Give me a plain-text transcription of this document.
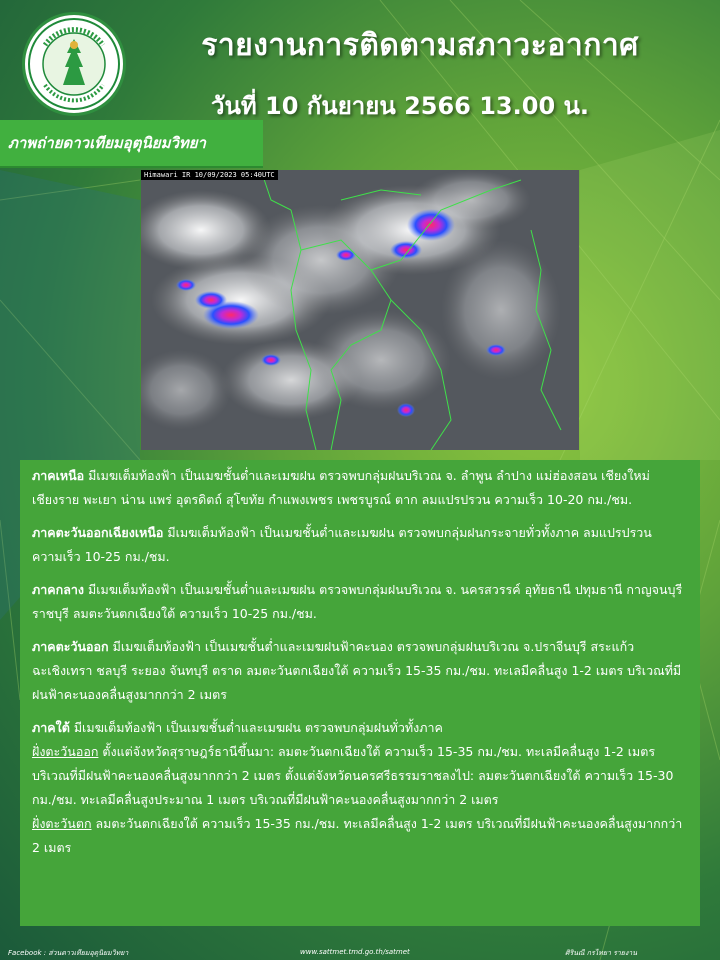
รายงานการติดตามสภาวะอากาศ
วันที่ 10 กันยายน 2566 13.00 น.
ภาพถ่ายดาวเทียมอุตุนิยมวิทยา
Himawari IR 10/09/2023 05:40UTC

ภาคเหนือ มีเมฆเต็มท้องฟ้า เป็นเมฆชั้นต่ำและเมฆฝน ตรวจพบกลุ่มฝนบริเวณ จ. ลำพูน ลำปาง แม่ฮ่องสอน เชียงใหม่ เชียงราย พะเยา น่าน แพร่ อุตรดิตถ์ สุโขทัย กำแพงเพชร เพชรบูรณ์ ตาก ลมแปรปรวน ความเร็ว 10-20 กม./ชม.

ภาคตะวันออกเฉียงเหนือ มีเมฆเต็มท้องฟ้า เป็นเมฆชั้นต่ำและเมฆฝน ตรวจพบกลุ่มฝนกระจายทั่วทั้งภาค ลมแปรปรวน ความเร็ว 10-25 กม./ชม.

ภาคกลาง มีเมฆเต็มท้องฟ้า เป็นเมฆชั้นต่ำและเมฆฝน ตรวจพบกลุ่มฝนบริเวณ จ. นครสวรรค์ อุทัยธานี ปทุมธานี กาญจนบุรี ราชบุรี ลมตะวันตกเฉียงใต้ ความเร็ว 10-25 กม./ชม.

ภาคตะวันออก มีเมฆเต็มท้องฟ้า เป็นเมฆชั้นต่ำและเมฆฝนฟ้าคะนอง ตรวจพบกลุ่มฝนบริเวณ จ.ปราจีนบุรี สระแก้ว ฉะเชิงเทรา ชลบุรี ระยอง จันทบุรี ตราด ลมตะวันตกเฉียงใต้ ความเร็ว 15-35 กม./ชม. ทะเลมีคลื่นสูง 1-2 เมตร บริเวณที่มีฝนฟ้าคะนองคลื่นสูงมากกว่า 2 เมตร

ภาคใต้ มีเมฆเต็มท้องฟ้า เป็นเมฆชั้นต่ำและเมฆฝน ตรวจพบกลุ่มฝนทั่วทั้งภาค
ฝั่งตะวันออก ตั้งแต่จังหวัดสุราษฎร์ธานีขึ้นมา: ลมตะวันตกเฉียงใต้ ความเร็ว 15-35 กม./ชม. ทะเลมีคลื่นสูง 1-2 เมตร บริเวณที่มีฝนฟ้าคะนองคลื่นสูงมากกว่า 2 เมตร ตั้งแต่จังหวัดนครศรีธรรมราชลงไป: ลมตะวันตกเฉียงใต้ ความเร็ว 15-30 กม./ชม. ทะเลมีคลื่นสูงประมาณ 1 เมตร บริเวณที่มีฝนฟ้าคะนองคลื่นสูงมากกว่า 2 เมตร
ฝั่งตะวันตก ลมตะวันตกเฉียงใต้ ความเร็ว 15-35 กม./ชม. ทะเลมีคลื่นสูง 1-2 เมตร บริเวณที่มีฝนฟ้าคะนองคลื่นสูงมากกว่า 2 เมตร

Facebook : ส่วนดาวเทียมอุตุนิยมวิทยา	www.sattmet.tmd.go.th/satmet	ศิรินณี กรไทยา รายงาน
